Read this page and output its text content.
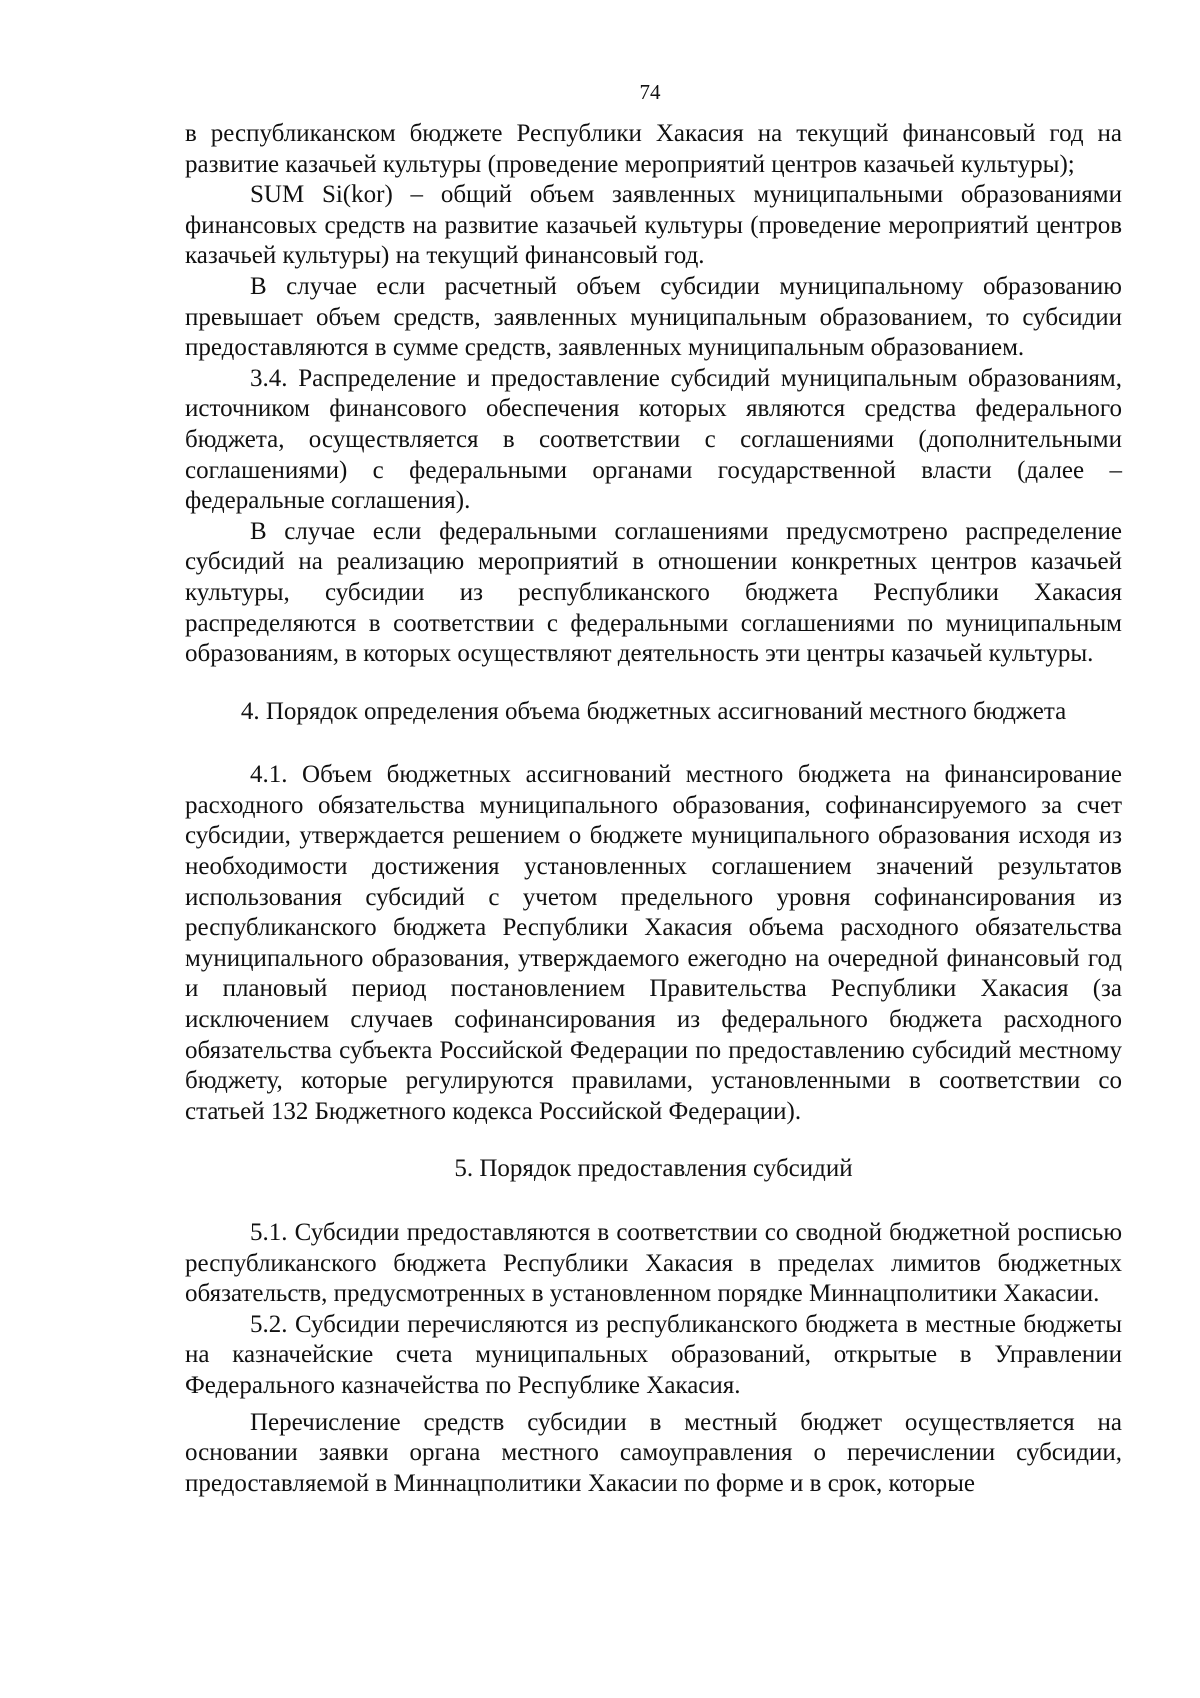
74

в республиканском бюджете Республики Хакасия на текущий финансовый год на развитие казачьей культуры (проведение мероприятий центров казачьей культуры);

SUM Si(kor) – общий объем заявленных муниципальными образованиями финансовых средств на развитие казачьей культуры (проведение мероприятий центров казачьей культуры) на текущий финансовый год.

В случае если расчетный объем субсидии муниципальному образованию превышает объем средств, заявленных муниципальным образованием, то субсидии предоставляются в сумме средств, заявленных муниципальным образованием.

3.4. Распределение и предоставление субсидий муниципальным образованиям, источником финансового обеспечения которых являются средства федерального бюджета, осуществляется в соответствии с соглашениями (дополнительными соглашениями) с федеральными органами государственной власти (далее – федеральные соглашения).

В случае если федеральными соглашениями предусмотрено распределение субсидий на реализацию мероприятий в отношении конкретных центров казачьей культуры, субсидии из республиканского бюджета Республики Хакасия распределяются в соответствии с федеральными соглашениями по муниципальным образованиям, в которых осуществляют деятельность эти центры казачьей культуры.

4. Порядок определения объема бюджетных ассигнований местного бюджета

4.1. Объем бюджетных ассигнований местного бюджета на финансирование расходного обязательства муниципального образования, софинансируемого за счет субсидии, утверждается решением о бюджете муниципального образования исходя из необходимости достижения установленных соглашением значений результатов использования субсидий с учетом предельного уровня софинансирования из республиканского бюджета Республики Хакасия объема расходного обязательства муниципального образования, утверждаемого ежегодно на очередной финансовый год и плановый период постановлением Правительства Республики Хакасия (за исключением случаев софинансирования из федерального бюджета расходного обязательства субъекта Российской Федерации по предоставлению субсидий местному бюджету, которые регулируются правилами, установленными в соответствии со статьей 132 Бюджетного кодекса Российской Федерации).

5. Порядок предоставления субсидий

5.1. Субсидии предоставляются в соответствии со сводной бюджетной росписью республиканского бюджета Республики Хакасия в пределах лимитов бюджетных обязательств, предусмотренных в установленном порядке Миннацполитики Хакасии.

5.2. Субсидии перечисляются из республиканского бюджета в местные бюджеты на казначейские счета муниципальных образований, открытые в Управлении Федерального казначейства по Республике Хакасия.

Перечисление средств субсидии в местный бюджет осуществляется на основании заявки органа местного самоуправления о перечислении субсидии, предоставляемой в Миннацполитики Хакасии по форме и в срок, которые
